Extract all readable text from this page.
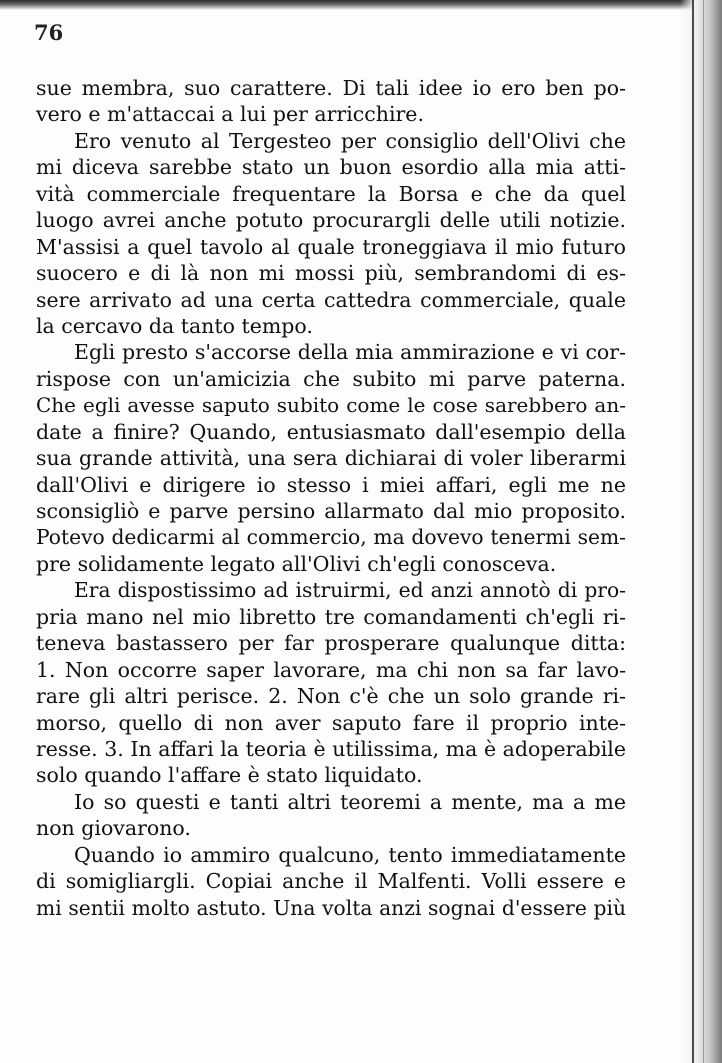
76
sue membra, suo carattere. Di tali idee io ero ben po-
vero e m'attaccai a lui per arricchire.
Ero venuto al Tergesteo per consiglio dell'Olivi che
mi diceva sarebbe stato un buon esordio alla mia atti-
vità commerciale frequentare la Borsa e che da quel
luogo avrei anche potuto procurargli delle utili notizie.
M'assisi a quel tavolo al quale troneggiava il mio futuro
suocero e di là non mi mossi più, sembrandomi di es-
sere arrivato ad una certa cattedra commerciale, quale
la cercavo da tanto tempo.
Egli presto s'accorse della mia ammirazione e vi cor-
rispose con un'amicizia che subito mi parve paterna.
Che egli avesse saputo subito come le cose sarebbero an-
date a finire? Quando, entusiasmato dall'esempio della
sua grande attività, una sera dichiarai di voler liberarmi
dall'Olivi e dirigere io stesso i miei affari, egli me ne
sconsigliò e parve persino allarmato dal mio proposito.
Potevo dedicarmi al commercio, ma dovevo tenermi sem-
pre solidamente legato all'Olivi ch'egli conosceva.
Era dispostissimo ad istruirmi, ed anzi annotò di pro-
pria mano nel mio libretto tre comandamenti ch'egli ri-
teneva bastassero per far prosperare qualunque ditta:
1. Non occorre saper lavorare, ma chi non sa far lavo-
rare gli altri perisce. 2. Non c'è che un solo grande ri-
morso, quello di non aver saputo fare il proprio inte-
resse. 3. In affari la teoria è utilissima, ma è adoperabile
solo quando l'affare è stato liquidato.
Io so questi e tanti altri teoremi a mente, ma a me
non giovarono.
Quando io ammiro qualcuno, tento immediatamente
di somigliargli. Copiai anche il Malfenti. Volli essere e
mi sentii molto astuto. Una volta anzi sognai d'essere più
